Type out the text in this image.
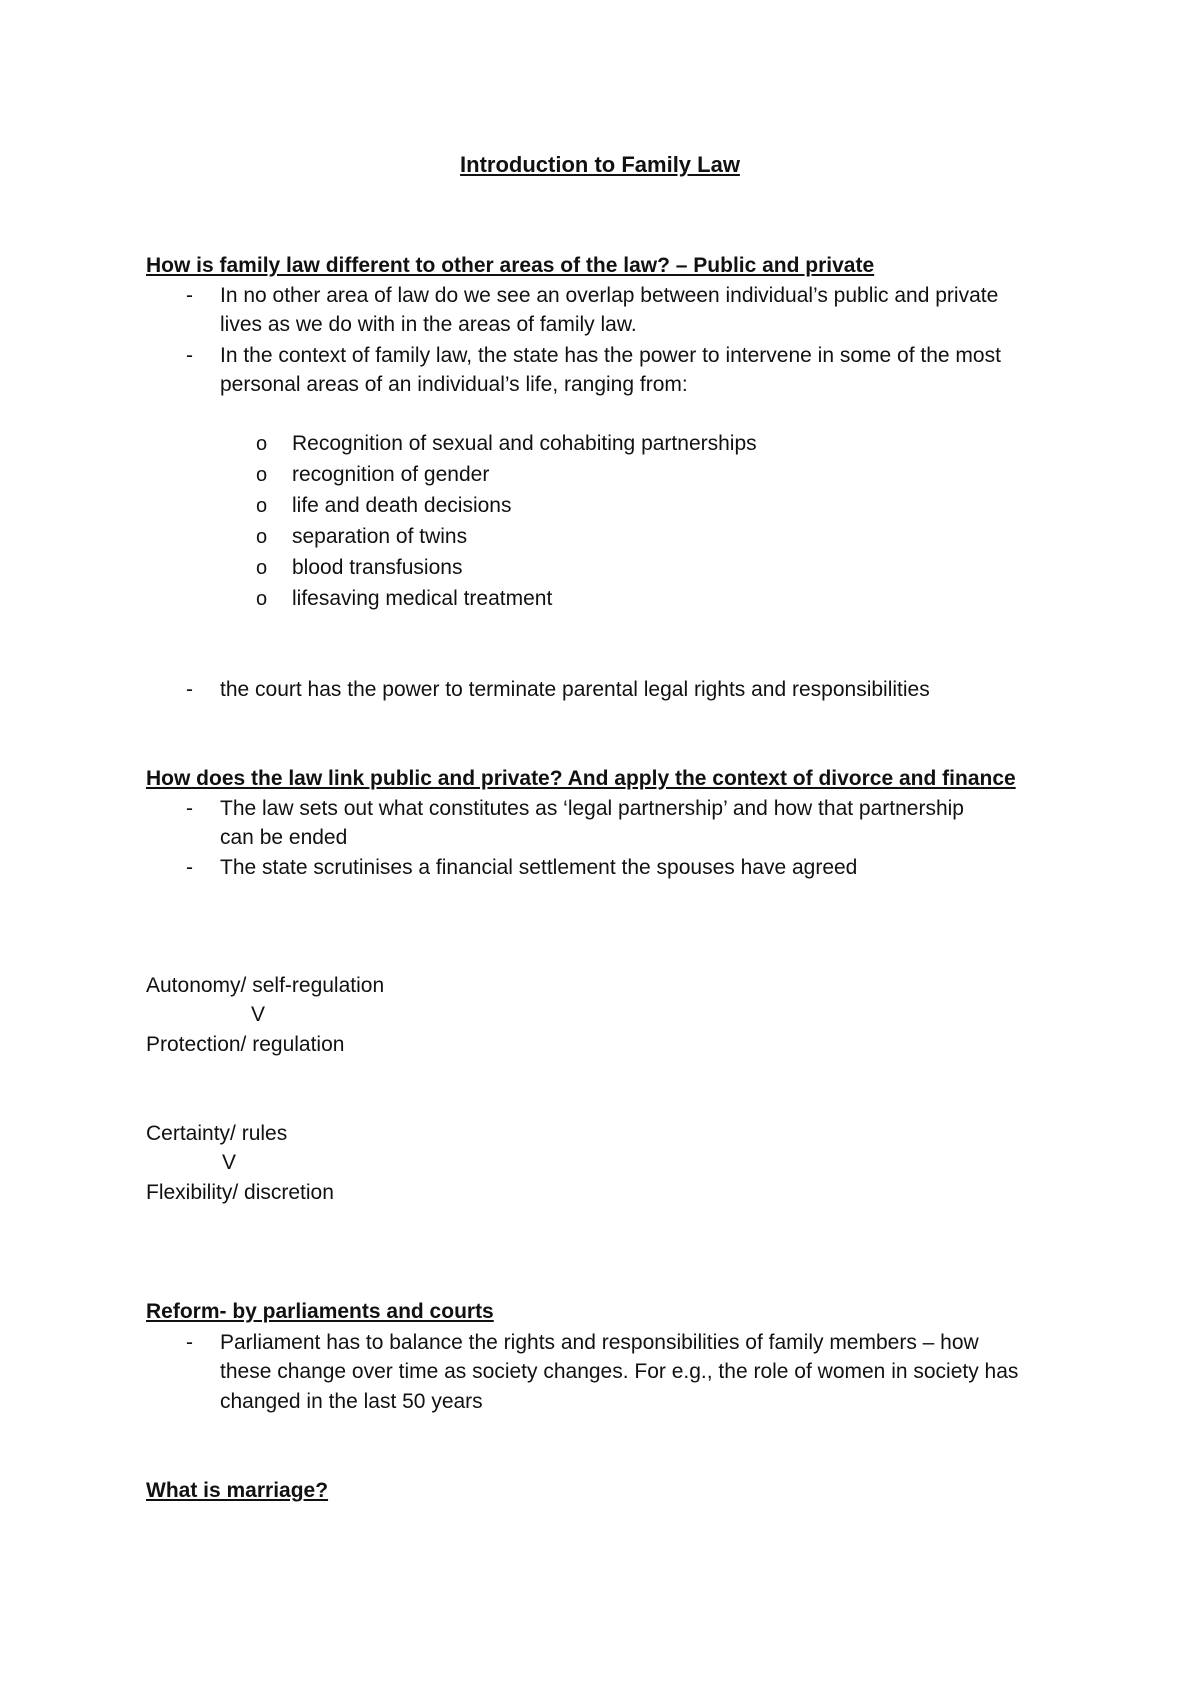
Introduction to Family Law
How is family law different to other areas of the law? – Public and private
- In no other area of law do we see an overlap between individual’s public and private
lives as we do with in the areas of family law.
- In the context of family law, the state has the power to intervene in some of the most
personal areas of an individual’s life, ranging from:
o Recognition of sexual and cohabiting partnerships
o recognition of gender
o life and death decisions
o separation of twins
o blood transfusions
o lifesaving medical treatment
- the court has the power to terminate parental legal rights and responsibilities
How does the law link public and private? And apply the context of divorce and finance
- The law sets out what constitutes as ‘legal partnership’ and how that partnership
can be ended
- The state scrutinises a financial settlement the spouses have agreed
Autonomy/ self-regulation
V
Protection/ regulation
Certainty/ rules
V
Flexibility/ discretion
Reform- by parliaments and courts
- Parliament has to balance the rights and responsibilities of family members – how
these change over time as society changes. For e.g., the role of women in society has
changed in the last 50 years
What is marriage?
